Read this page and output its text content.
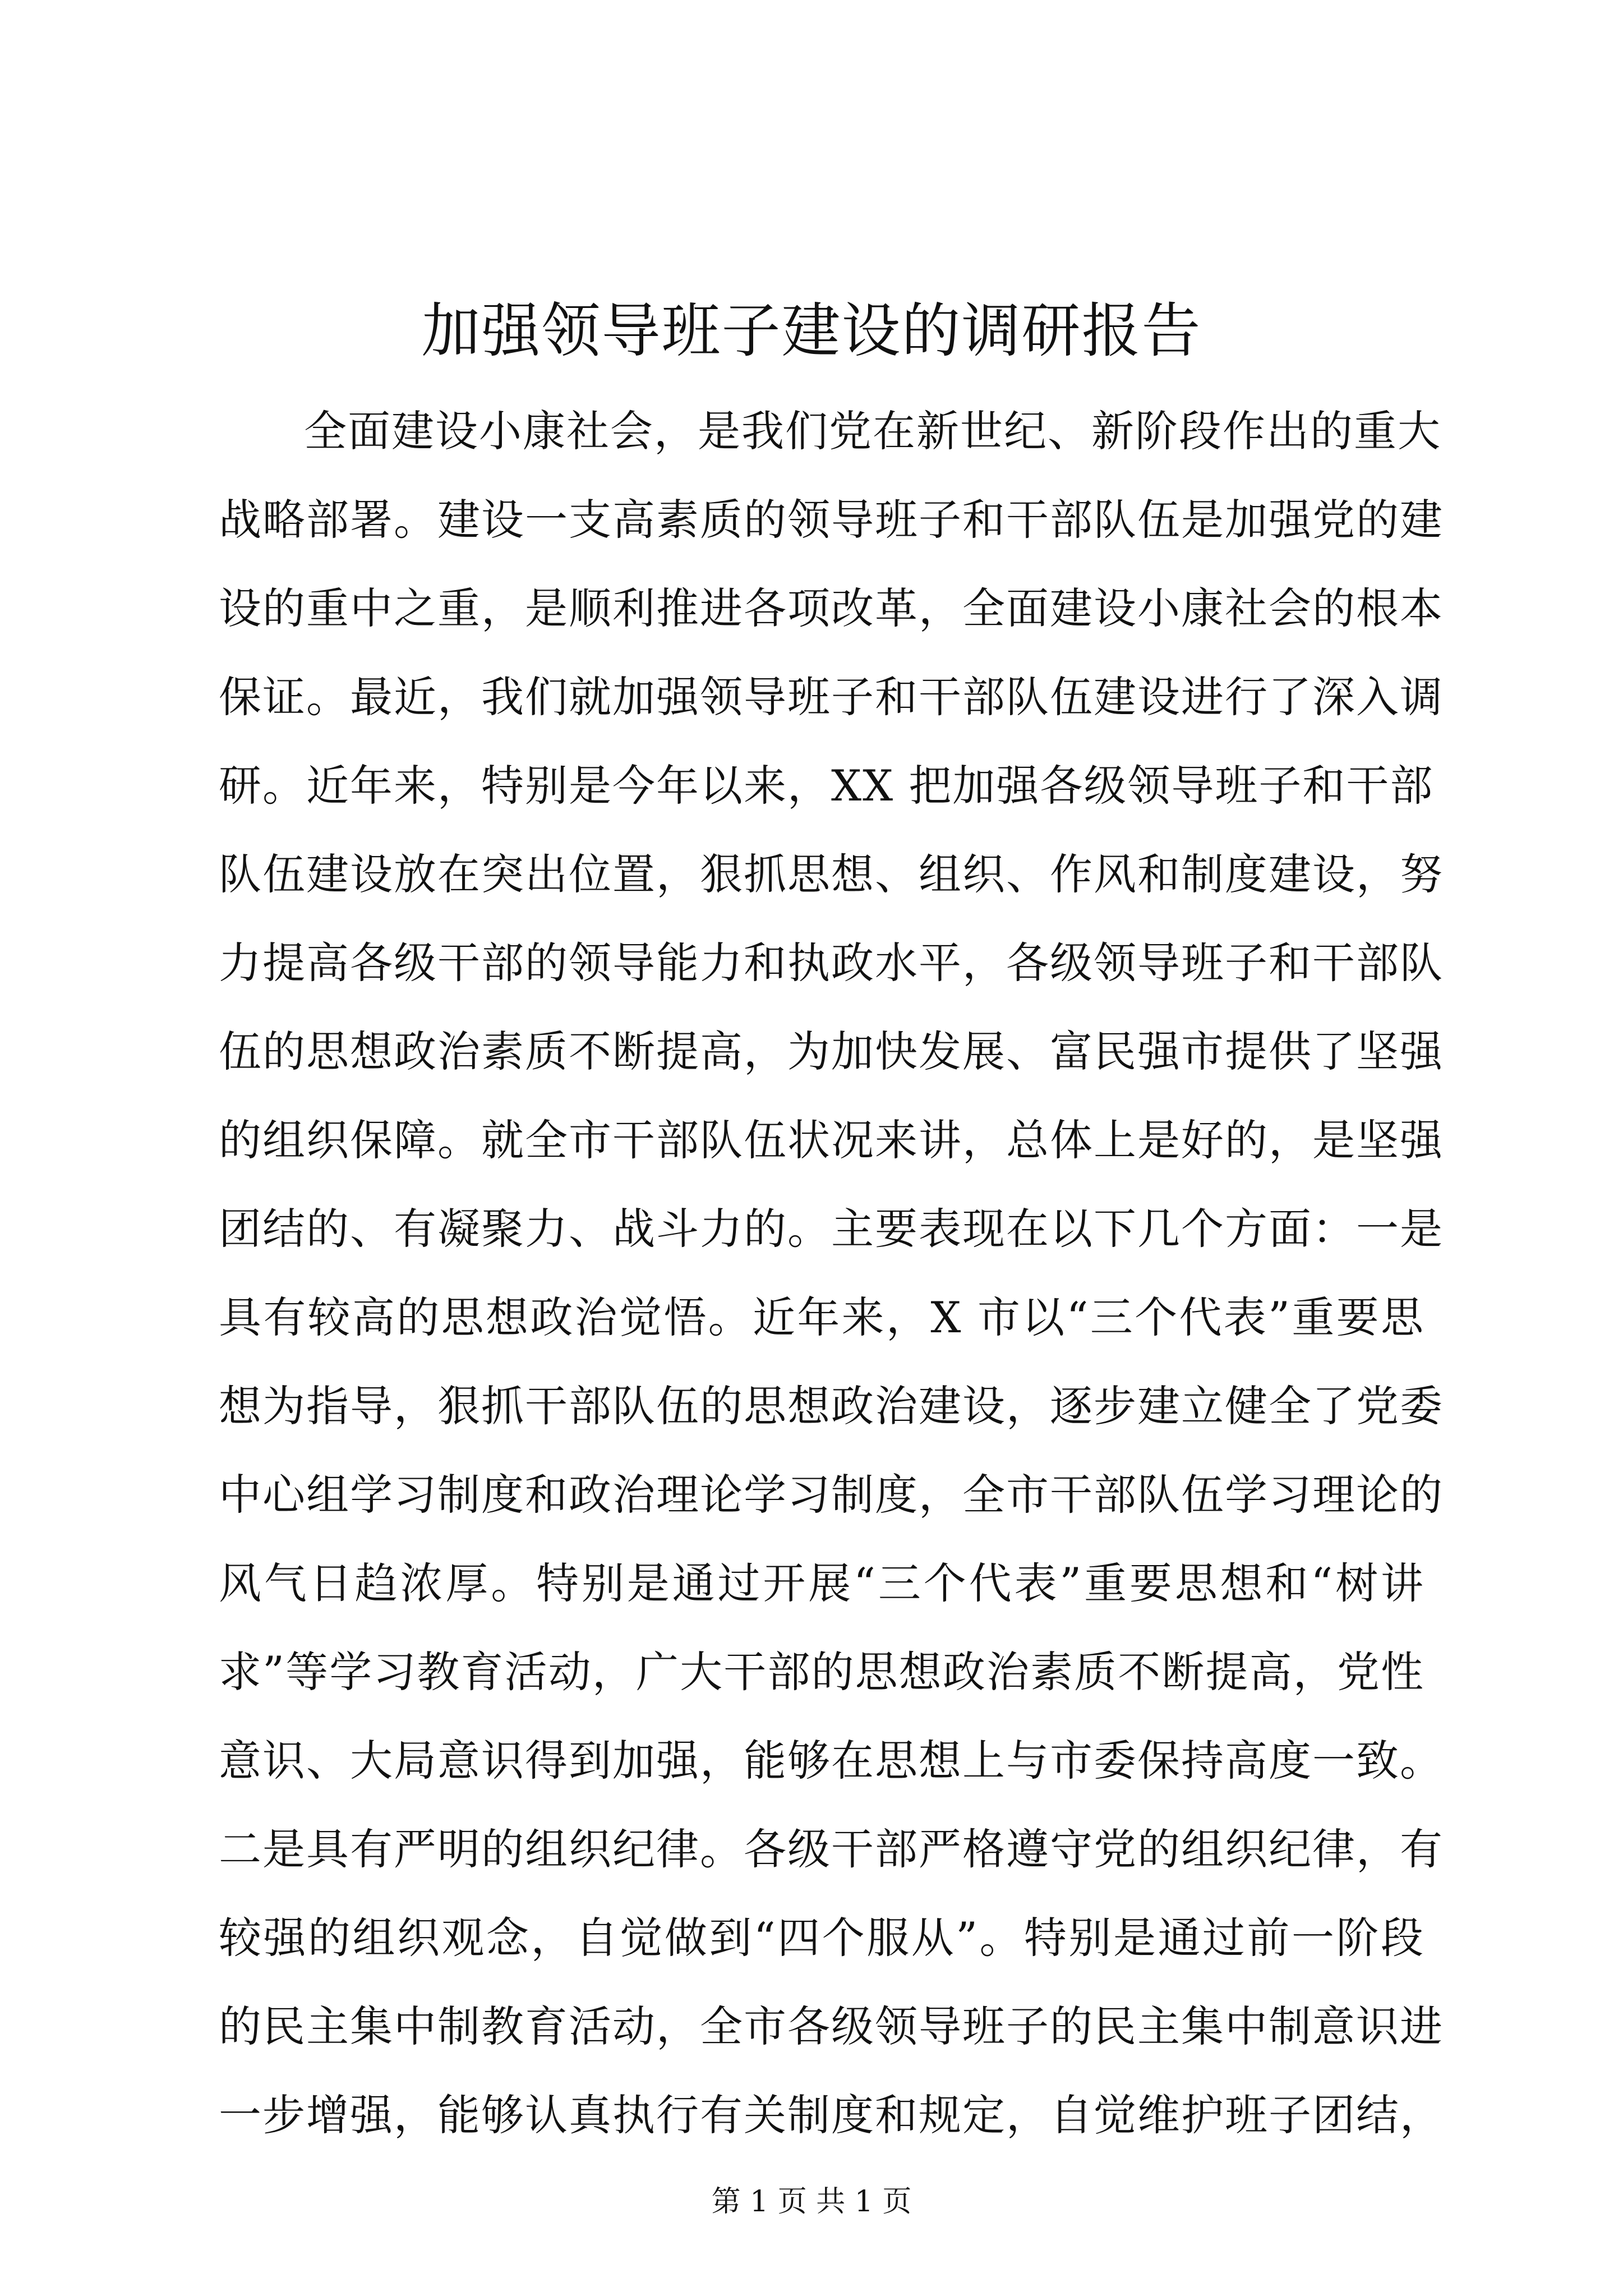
加强领导班子建设的调研报告
全面建设小康社会，是我们党在新世纪、新阶段作出的重大
战略部署。建设一支高素质的领导班子和干部队伍是加强党的建
设的重中之重，是顺利推进各项改革，全面建设小康社会的根本
保证。最近，我们就加强领导班子和干部队伍建设进行了深入调
研。近年来，特别是今年以来，XX 把加强各级领导班子和干部
队伍建设放在突出位置，狠抓思想、组织、作风和制度建设，努
力提高各级干部的领导能力和执政水平，各级领导班子和干部队
伍的思想政治素质不断提高，为加快发展、富民强市提供了坚强
的组织保障。就全市干部队伍状况来讲，总体上是好的，是坚强
团结的、有凝聚力、战斗力的。主要表现在以下几个方面：一是
具有较高的思想政治觉悟。近年来，X 市以“三个代表”重要思
想为指导，狠抓干部队伍的思想政治建设，逐步建立健全了党委
中心组学习制度和政治理论学习制度，全市干部队伍学习理论的
风气日趋浓厚。特别是通过开展“三个代表”重要思想和“树讲
求”等学习教育活动，广大干部的思想政治素质不断提高，党性
意识、大局意识得到加强，能够在思想上与市委保持高度一致。
二是具有严明的组织纪律。各级干部严格遵守党的组织纪律，有
较强的组织观念，自觉做到“四个服从”。特别是通过前一阶段
的民主集中制教育活动，全市各级领导班子的民主集中制意识进
一步增强，能够认真执行有关制度和规定，自觉维护班子团结，
第 1 页 共 1 页
